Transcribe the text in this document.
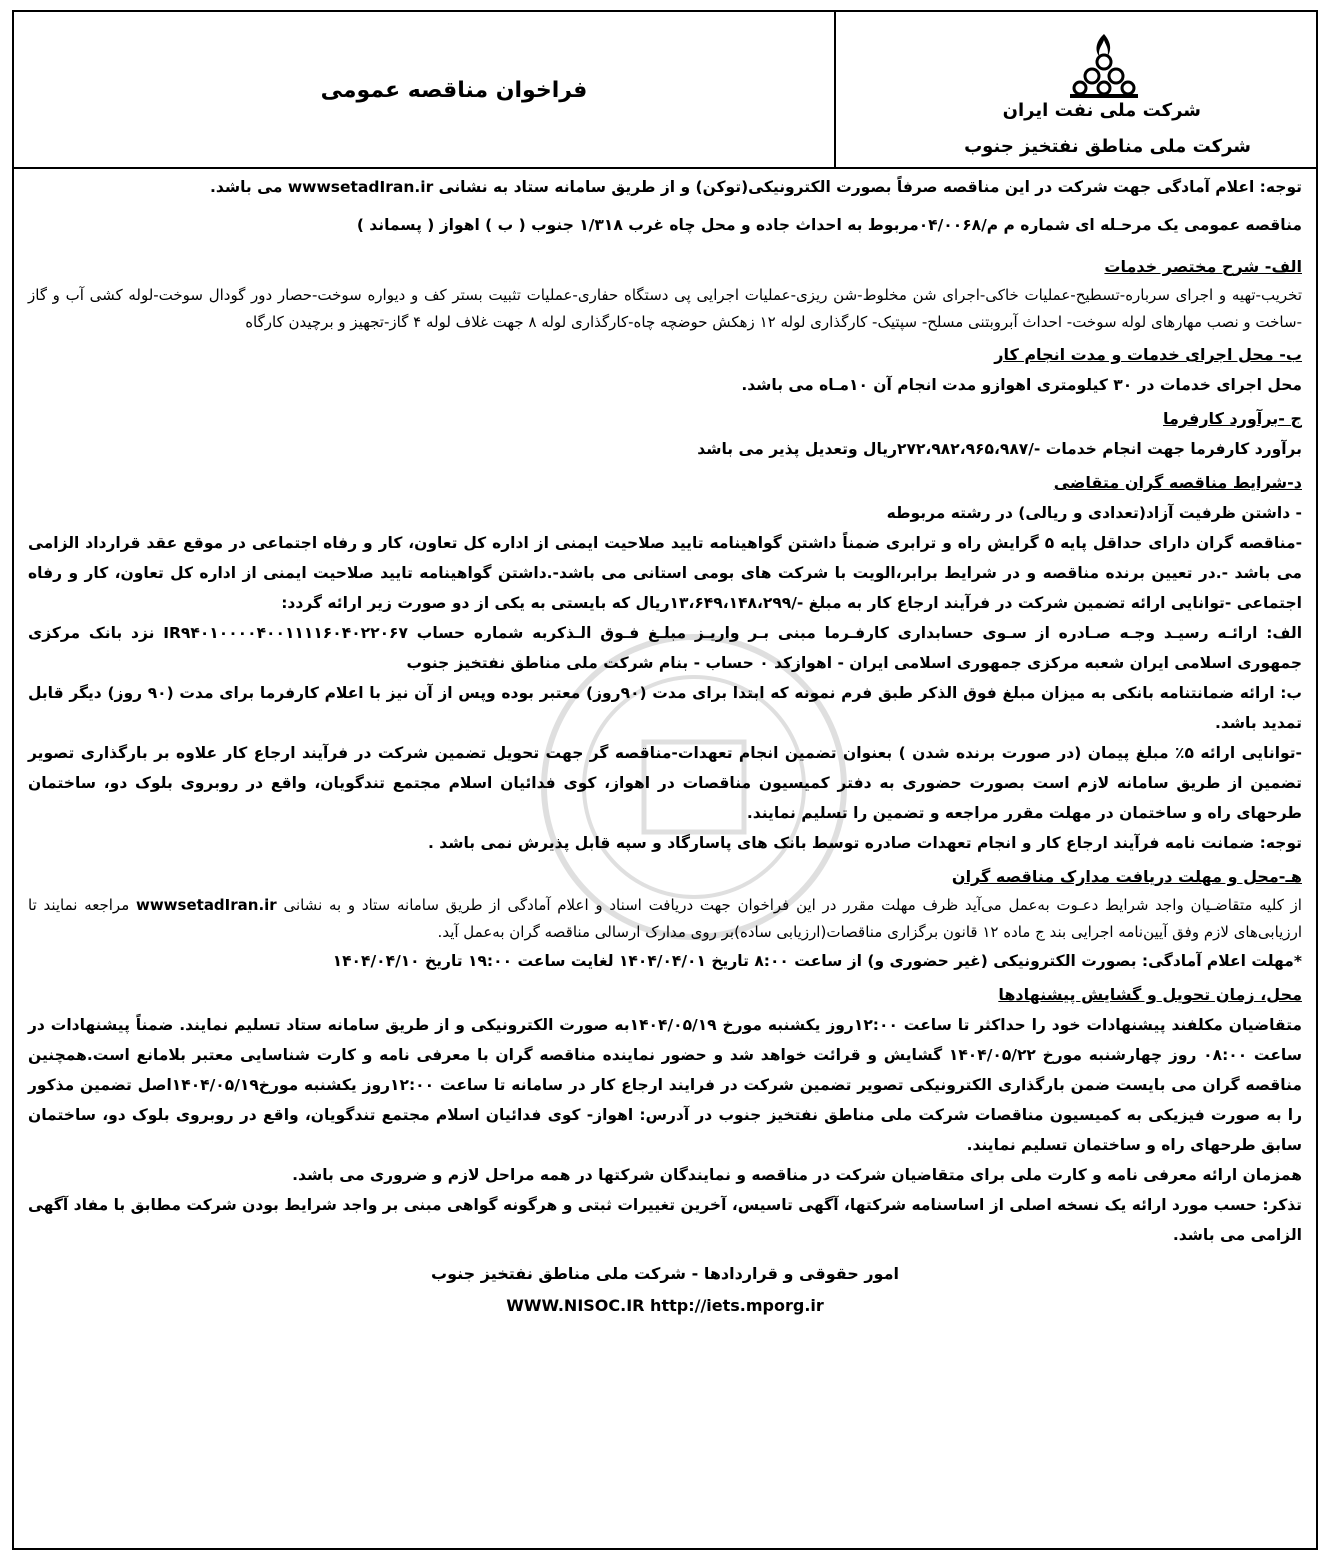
شرکت ملی نفت ایران
شرکت ملی مناطق نفتخیز جنوب
فراخوان مناقصه عمومی

توجه: اعلام آمادگی جهت شرکت در این مناقصه صرفاً بصورت الکترونیکی(توکن) و از طریق سامانه ستاد به نشانی wwwsetadIran.ir می باشد.

مناقصه عمومی یک مرحـله ای شماره م م/۰۴/۰۰۶۸مربوط به احداث جاده و محل چاه غرب ۱/۳۱۸ جنوب ( ب ) اهواز ( پسماند )

الف- شرح مختصر خدمات

تخریب-تهیه و اجرای سرباره-تسطیح-عملیات خاکی-اجرای شن مخلوط-شن ریزی-عملیات اجرایی پی دستگاه حفاری-عملیات تثبیت بستر کف و دیواره سوخت-حصار دور گودال سوخت-لوله کشی آب و گاز -ساخت و نصب مهارهای لوله سوخت- احداث آبروبتنی مسلح- سپتیک- کارگذاری لوله ۱۲ زهکش حوضچه چاه-کارگذاری لوله ۸ جهت غلاف لوله ۴ گاز-تجهیز و برچیدن کارگاه

ب- محل اجرای خدمات و مدت انجام کار

محل اجرای خدمات در ۳۰ کیلومتری اهوازو مدت انجام آن ۱۰مـاه می باشد.

ج -برآورد کارفرما

برآورد کارفرما جهت انجام خدمات -/۲۷۲،۹۸۲،۹۶۵،۹۸۷ریال وتعدیل پذیر می باشد

د-شرایط مناقصه گران متقاضی

- داشتن ظرفیت آزاد(تعدادی و ریالی) در رشته مربوطه

-مناقصه گران دارای حداقل پایه ۵ گرایش راه و ترابری ضمناً داشتن گواهینامه تایید صلاحیت ایمنی از اداره کل تعاون، کار و رفاه اجتماعی در موقع عقد قرارداد الزامی می باشد -.در تعیین برنده مناقصه و در شرایط برابر،الویت با شرکت های بومی استانی می باشد-.داشتن گواهینامه تایید صلاحیت ایمنی از اداره کل تعاون، کار و رفاه اجتماعی -توانایی ارائه تضمین شرکت در فرآیند ارجاع کار به مبلغ -/۱۳،۶۴۹،۱۴۸،۲۹۹ریال که بایستی به یکی از دو صورت زیر ارائه گردد:

الف: ارائـه رسیـد وجـه صـادره از سـوی حسابداری کارفـرما مبنی بـر واریـز مبلـغ فـوق الـذکربه شماره حساب IR۹۴۰۱۰۰۰۰۴۰۰۱۱۱۱۶۰۴۰۲۲۰۶۷ نزد بانک مرکزی جمهوری اسلامی ایران شعبه مرکزی جمهوری اسلامی ایران - اهوازکد ۰ حساب - بنام شرکت ملی مناطق نفتخیز جنوب

ب: ارائه ضمانتنامه بانکی به میزان مبلغ فوق الذکر طبق فرم نمونه که ابتدا برای مدت (۹۰روز) معتبر بوده وپس از آن نیز با اعلام کارفرما برای مدت (۹۰ روز) دیگر قابل تمدید باشد.

-توانایی ارائه ۵٪ مبلغ پیمان (در صورت برنده شدن ) بعنوان تضمین انجام تعهدات-مناقصه گر جهت تحویل تضمین شرکت در فرآیند ارجاع کار علاوه بر بارگذاری تصویر تضمین از طریق سامانه لازم است بصورت حضوری به دفتر کمیسیون مناقصات در اهواز، کوی فدائیان اسلام مجتمع تندگویان، واقع در روبروی بلوک دو، ساختمان طرحهای راه و ساختمان در مهلت مقرر مراجعه و تضمین را تسلیم نمایند.

توجه: ضمانت نامه فرآیند ارجاع کار و انجام تعهدات صادره توسط بانک های پاسارگاد و سپه قابل پذیرش نمی باشد .

هـ-محل و مهلت دریافت مدارک مناقصه گران

از کلیه متقاضـیان واجد شرایط دعـوت به‌عمل می‌آید ظرف مهلت مقرر در این فراخوان جهت دریافت اسناد و اعلام آمادگی از طریق سامانه ستاد و به نشانی wwwsetadIran.ir مراجعه نمایند تا ارزیابی‌های لازم وفق آیین‌نامه اجرایی بند ج ماده ۱۲ قانون برگزاری مناقصات(ارزیابی ساده)بر روی مدارک ارسالی مناقصه گران به‌عمل آید.

*مهلت اعلام آمادگی: بصورت الکترونیکی (غیر حضوری و) از ساعت ۸:۰۰ تاریخ ۱۴۰۴/۰۴/۰۱ لغایت ساعت ۱۹:۰۰ تاریخ ۱۴۰۴/۰۴/۱۰

محل، زمان تحویل و گشایش پیشنهادها

متقاضیان مکلفند پیشنهادات خود را حداکثر تا ساعت ۱۲:۰۰روز یکشنبه مورخ ۱۴۰۴/۰۵/۱۹به صورت الکترونیکی و از طریق سامانه ستاد تسلیم نمایند. ضمناً پیشنهادات در ساعت ۰۸:۰۰ روز چهارشنبه مورخ ۱۴۰۴/۰۵/۲۲ گشایش و قرائت خواهد شد و حضور نماینده مناقصه گران با معرفی نامه و کارت شناسایی معتبر بلامانع است.همچنین مناقصه گران می بایست ضمن بارگذاری الکترونیکی تصویر تضمین شرکت در فرایند ارجاع کار در سامانه تا ساعت ۱۲:۰۰روز یکشنبه مورخ۱۴۰۴/۰۵/۱۹اصل تضمین مذکور را به صورت فیزیکی به کمیسیون مناقصات شرکت ملی مناطق نفتخیز جنوب در آدرس: اهواز- کوی فدائیان اسلام مجتمع تندگویان، واقع در روبروی بلوک دو، ساختمان سابق طرحهای راه و ساختمان تسلیم نمایند.

همزمان ارائه معرفی نامه و کارت ملی برای متقاضیان شرکت در مناقصه و نمایندگان شرکتها در همه مراحل لازم و ضروری می باشد.

تذکر: حسب مورد ارائه یک نسخه اصلی از اساسنامه شرکتها، آگهی تاسیس، آخرین تغییرات ثبتی و هرگونه گواهی مبنی بر واجد شرایط بودن شرکت مطابق با مفاد آگهی الزامی می باشد.

امور حقوقی و قراردادها - شرکت ملی مناطق نفتخیز جنوب

WWW.NISOC.IR http://iets.mporg.ir
